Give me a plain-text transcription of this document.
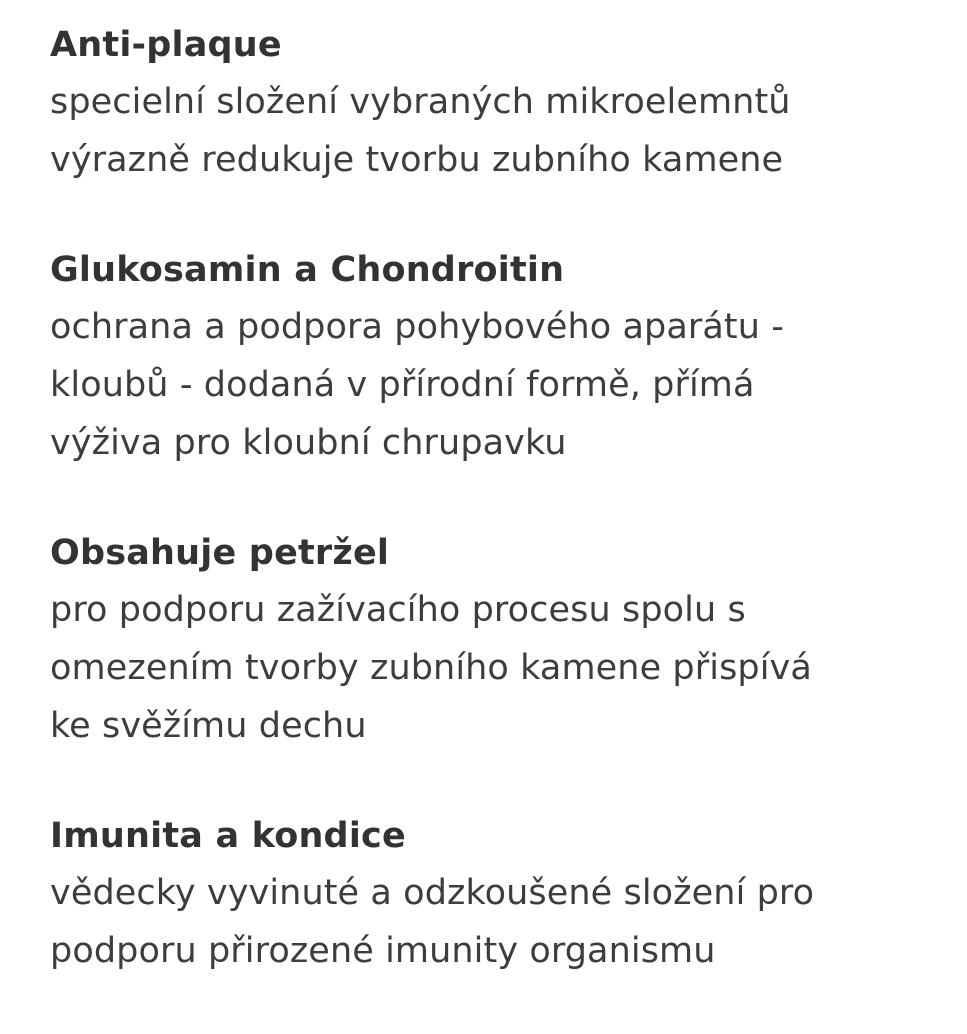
Anti-plaque
specielní složení vybraných mikroelemntů
výrazně redukuje tvorbu zubního kamene
Glukosamin a Chondroitin
ochrana a podpora pohybového aparátu -
kloubů - dodaná v přírodní formě, přímá
výživa pro kloubní chrupavku
Obsahuje petržel
pro podporu zažívacího procesu spolu s
omezením tvorby zubního kamene přispívá
ke svěžímu dechu
Imunita a kondice
vědecky vyvinuté a odzkoušené složení pro
podporu přirozené imunity organismu
